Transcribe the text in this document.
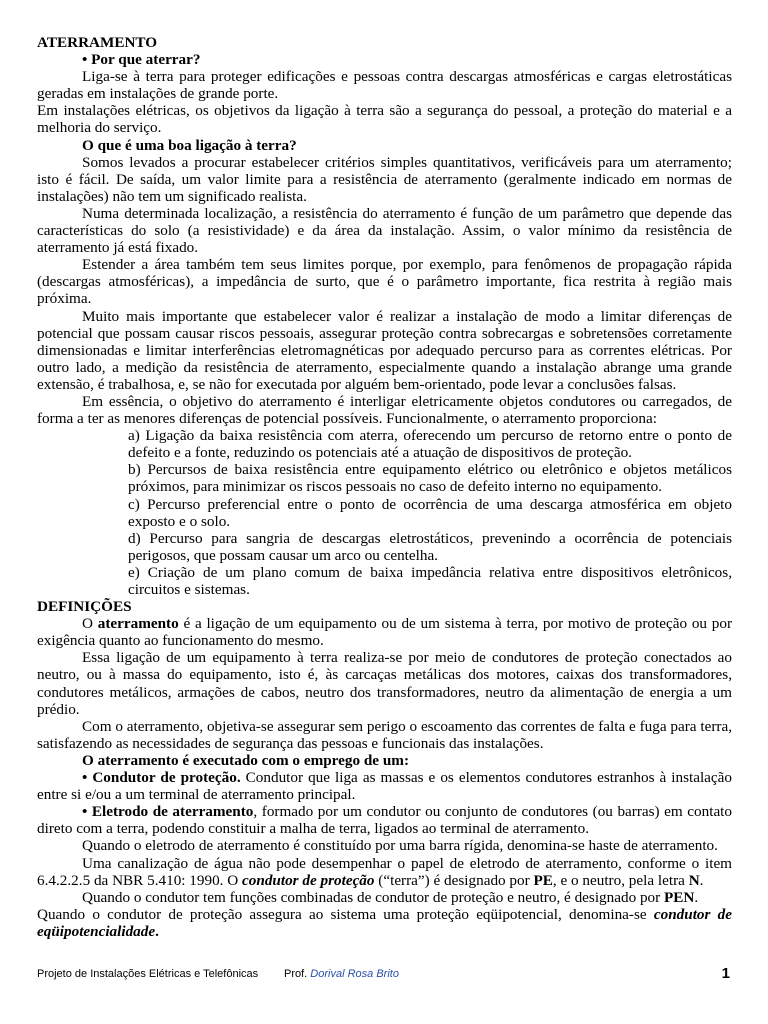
ATERRAMENTO

• Por que aterrar?

Liga-se à terra para proteger edificações e pessoas contra descargas atmosféricas e cargas eletrostáticas geradas em instalações de grande porte.

Em instalações elétricas, os objetivos da ligação à terra são a segurança do pessoal, a proteção do material e a melhoria do serviço.

O que é uma boa ligação à terra?

Somos levados a procurar estabelecer critérios simples quantitativos, verificáveis para um aterramento; isto é fácil. De saída, um valor limite para a resistência de aterramento (geralmente indicado em normas de instalações) não tem um significado realista.

Numa determinada localização, a resistência do aterramento é função de um parâmetro que depende das características do solo (a resistividade) e da área da instalação. Assim, o valor mínimo da resistência de aterramento já está fixado.

Estender a área também tem seus limites porque, por exemplo, para fenômenos de propagação rápida (descargas atmosféricas), a impedância de surto, que é o parâmetro importante, fica restrita à região mais próxima.

Muito mais importante que estabelecer valor é realizar a instalação de modo a limitar diferenças de potencial que possam causar riscos pessoais, assegurar proteção contra sobrecargas e sobretensões corretamente dimensionadas e limitar interferências eletromagnéticas por adequado percurso para as correntes elétricas. Por outro lado, a medição da resistência de aterramento, especialmente quando a instalação abrange uma grande extensão, é trabalhosa, e, se não for executada por alguém bem-orientado, pode levar a conclusões falsas.

Em essência, o objetivo do aterramento é interligar eletricamente objetos condutores ou carregados, de forma a ter as menores diferenças de potencial possíveis. Funcionalmente, o aterramento proporciona:

a) Ligação da baixa resistência com aterra, oferecendo um percurso de retorno entre o ponto de defeito e a fonte, reduzindo os potenciais até a atuação de dispositivos de proteção.

b) Percursos de baixa resistência entre equipamento elétrico ou eletrônico e objetos metálicos próximos, para minimizar os riscos pessoais no caso de defeito interno no equipamento.

c) Percurso preferencial entre o ponto de ocorrência de uma descarga atmosférica em objeto exposto e o solo.

d) Percurso para sangria de descargas eletrostáticos, prevenindo a ocorrência de potenciais perigosos, que possam causar um arco ou centelha.

e) Criação de um plano comum de baixa impedância relativa entre dispositivos eletrônicos, circuitos e sistemas.

DEFINIÇÕES

O aterramento é a ligação de um equipamento ou de um sistema à terra, por motivo de proteção ou por exigência quanto ao funcionamento do mesmo.

Essa ligação de um equipamento à terra realiza-se por meio de condutores de proteção conectados ao neutro, ou à massa do equipamento, isto é, às carcaças metálicas dos motores, caixas dos transformadores, condutores metálicos, armações de cabos, neutro dos transformadores, neutro da alimentação de energia a um prédio.

Com o aterramento, objetiva-se assegurar sem perigo o escoamento das correntes de falta e fuga para terra, satisfazendo as necessidades de segurança das pessoas e funcionais das instalações.

O aterramento é executado com o emprego de um:

• Condutor de proteção. Condutor que liga as massas e os elementos condutores estranhos à instalação entre si e/ou a um terminal de aterramento principal.

• Eletrodo de aterramento, formado por um condutor ou conjunto de condutores (ou barras) em contato direto com a terra, podendo constituir a malha de terra, ligados ao terminal de aterramento.

Quando o eletrodo de aterramento é constituído por uma barra rígida, denomina-se haste de aterramento.

Uma canalização de água não pode desempenhar o papel de eletrodo de aterramento, conforme o item 6.4.2.2.5 da NBR 5.410: 1990. O condutor de proteção (“terra”) é designado por PE, e o neutro, pela letra N.

Quando o condutor tem funções combinadas de condutor de proteção e neutro, é designado por PEN.

Quando o condutor de proteção assegura ao sistema uma proteção eqüipotencial, denomina-se condutor de eqüipotencialidade.

Projeto de Instalações Elétricas e Telefônicas Prof. Dorival Rosa Brito	1
